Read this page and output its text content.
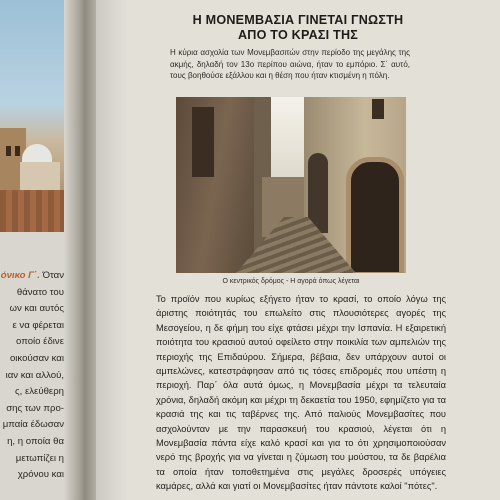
όνικο Γ΄. Όταν
θάνατο του
ων και αυτός
ε να φέρεται
οποίο έδινε
οικούσαν και
ιαν και αλλού,
ς, ελεύθερη
σης των προ-
μπαία έδωσαν
η, η οποία θα
μετωπίζει η
χρόνου και
Η ΜΟΝΕΜΒΑΣΙΑ ΓΙΝΕΤΑΙ ΓΝΩΣΤΗ
ΑΠΟ ΤΟ ΚΡΑΣΙ ΤΗΣ

Η κύρια ασχολία των Μονεμβασιτών στην περίοδο της μεγάλης της ακμής, δηλαδή τον 13ο περίπου αιώνα, ήταν το εμπόριο. Σ΄ αυτό, τους βοηθούσε εξάλλου και η θέση που ήταν κτισμένη η πόλη.

Ο κεντρικός δρόμος - Η αγορά όπως λέγεται

Το προϊόν που κυρίως εξήγετο ήταν το κρασί, το οποίο λόγω της άριστης ποιότητάς του επωλείτο στις πλουσιότερες αγορές της Μεσογείου, η δε φήμη του είχε φτάσει μέχρι την Ισπανία. Η εξαιρετική ποιότητα του κρασιού αυτού οφείλετο στην ποικιλία των αμπελιών της περιοχής της Επιδαύρου. Σήμερα, βέβαια, δεν υπάρχουν αυτοί οι αμπελώνες, κατεστράφησαν από τις τόσες επιδρομές που υπέστη η περιοχή. Παρ΄ όλα αυτά όμως, η Μονεμβασία μέχρι τα τελευταία χρόνια, δηλαδή ακόμη και μέχρι τη δεκαετία του 1950, εφημίζετο για τα κρασιά της και τις ταβέρνες της. Από παλιούς Μονεμβασίτες που ασχολούνταν με την παρασκευή του κρασιού, λέγεται ότι η Μονεμβασία πάντα είχε καλό κρασί και για το ότι χρησιμοποιούσαν νερό της βροχής για να γίνεται η ζύμωση του μούστου, τα δε βαρέλια τα οποία ήταν τοποθετημένα στις μεγάλες δροσερές υπόγειες καμάρες, αλλά και γιατί οι Μονεμβασίτες ήταν πάντοτε καλοί "πότες".
